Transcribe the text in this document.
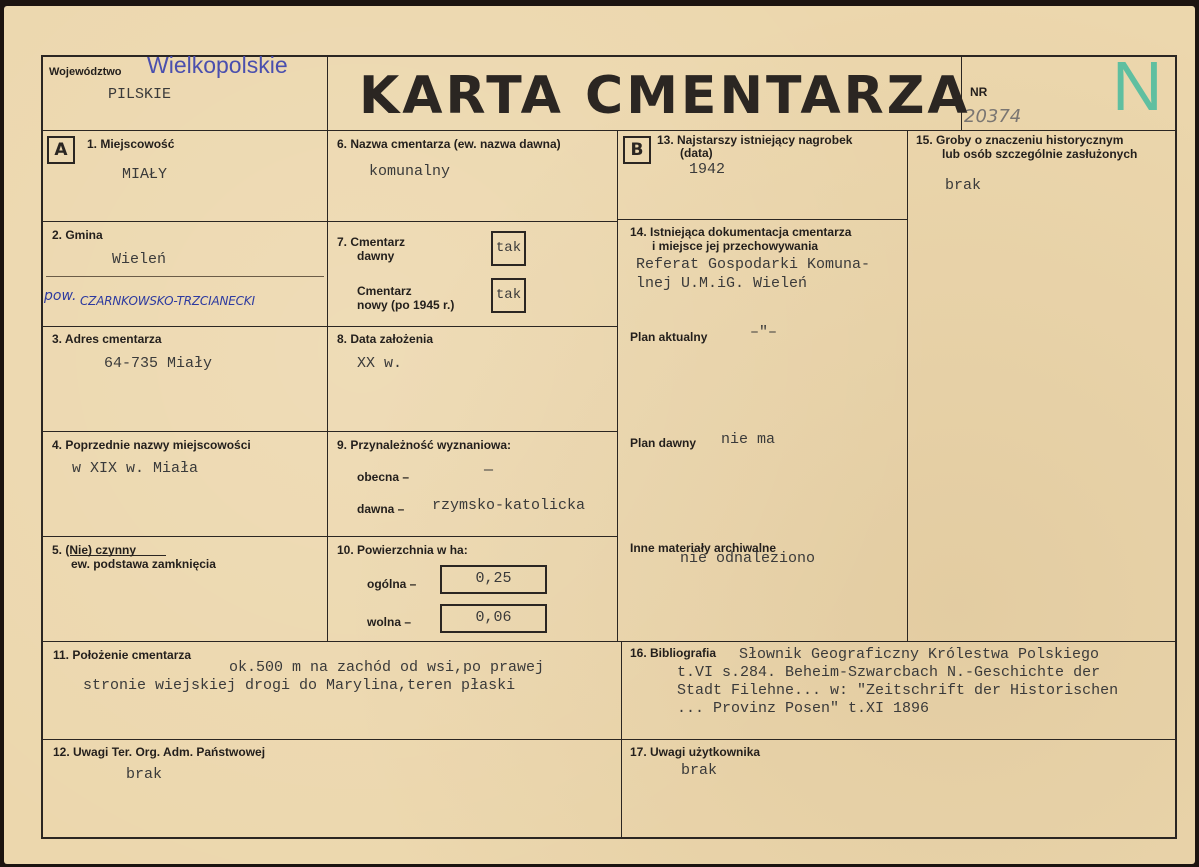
Województwo Wielkopolskie
PILSKIE	KARTA CMENTARZA NR
20374 N
A	B
1. Miejscowość
MIAŁY
2. Gmina
Wieleń
pow. CZARNKOWSKO-TRZCIANECKI
3. Adres cmentarza
64-735 Miały
4. Poprzednie nazwy miejscowości
w XIX w. Miała
5. (Nie) czynny
ew. podstawa zamknięcia
6. Nazwa cmentarza (ew. nazwa dawna)
komunalny
7. Cmentarz
dawny	tak
Cmentarz
nowy (po 1945 r.)
tak
8. Data założenia
XX w.
9. Przynależność wyznaniowa:
obecna –	—
dawna – rzymsko-katolicka
10. Powierzchnia w ha:
ogólna –	0,25
wolna –	0,06
13. Najstarszy istniejący nagrobek
(data)
1942
14. Istniejąca dokumentacja cmentarza
i miejsce jej przechowywania
Referat Gospodarki Komuna-
lnej U.M.iG. Wieleń
Plan aktualny	–"–
Plan dawny nie ma
Inne materiały archiwalne
nie odnaleziono
15. Groby o znaczeniu historycznym
lub osób szczególnie zasłużonych
brak
11. Położenie cmentarza
ok.500 m na zachód od wsi,po prawej
stronie wiejskiej drogi do Marylina,teren płaski
16. Bibliografia Słownik Geograficzny Królestwa Polskiego
t.VI s.284. Beheim-Szwarcbach N.-Geschichte der
Stadt Filehne... w: "Zeitschrift der Historischen
... Provinz Posen" t.XI 1896
12. Uwagi Ter. Org. Adm. Państwowej
brak
17. Uwagi użytkownika
brak
